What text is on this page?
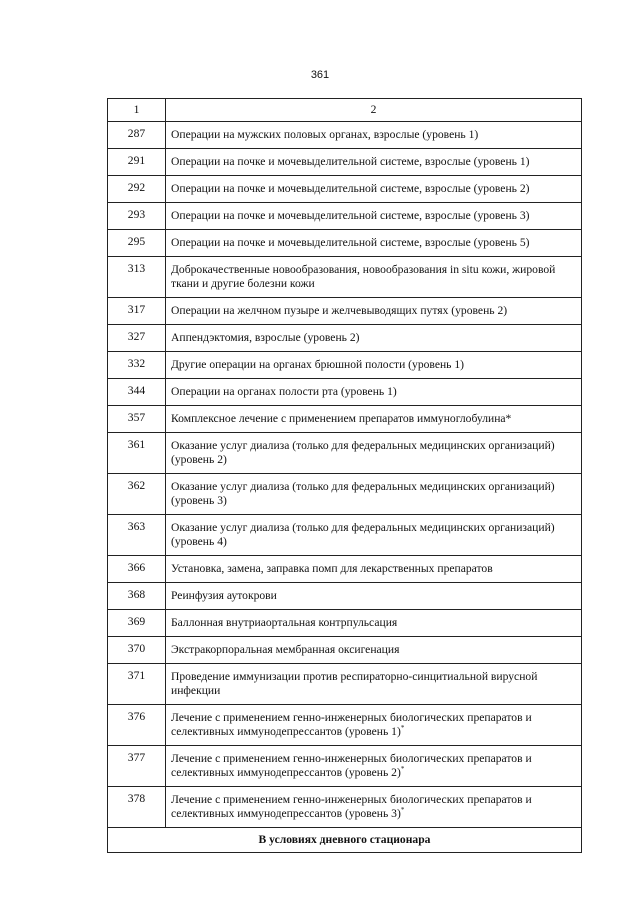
361
1	2
287	Операции на мужских половых органах, взрослые (уровень 1)
291	Операции на почке и мочевыделительной системе, взрослые (уровень 1)
292	Операции на почке и мочевыделительной системе, взрослые (уровень 2)
293	Операции на почке и мочевыделительной системе, взрослые (уровень 3)
295	Операции на почке и мочевыделительной системе, взрослые (уровень 5)
313	Доброкачественные новообразования, новообразования in situ кожи, жировой ткани и другие болезни кожи
317	Операции на желчном пузыре и желчевыводящих путях (уровень 2)
327	Аппендэктомия, взрослые (уровень 2)
332	Другие операции на органах брюшной полости (уровень 1)
344	Операции на органах полости рта (уровень 1)
357	Комплексное лечение с применением препаратов иммуноглобулина*
361	Оказание услуг диализа (только для федеральных медицинских организаций) (уровень 2)
362	Оказание услуг диализа (только для федеральных медицинских организаций) (уровень 3)
363	Оказание услуг диализа (только для федеральных медицинских организаций) (уровень 4)
366	Установка, замена, заправка помп для лекарственных препаратов
368	Реинфузия аутокрови
369	Баллонная внутриаортальная контрпульсация
370	Экстракорпоральная мембранная оксигенация
371	Проведение иммунизации против респираторно-синцитиальной вирусной инфекции
376	Лечение с применением генно-инженерных биологических препаратов и селективных иммунодепрессантов (уровень 1)*
377	Лечение с применением генно-инженерных биологических препаратов и селективных иммунодепрессантов (уровень 2)*
378	Лечение с применением генно-инженерных биологических препаратов и селективных иммунодепрессантов (уровень 3)*
В условиях дневного стационара	
